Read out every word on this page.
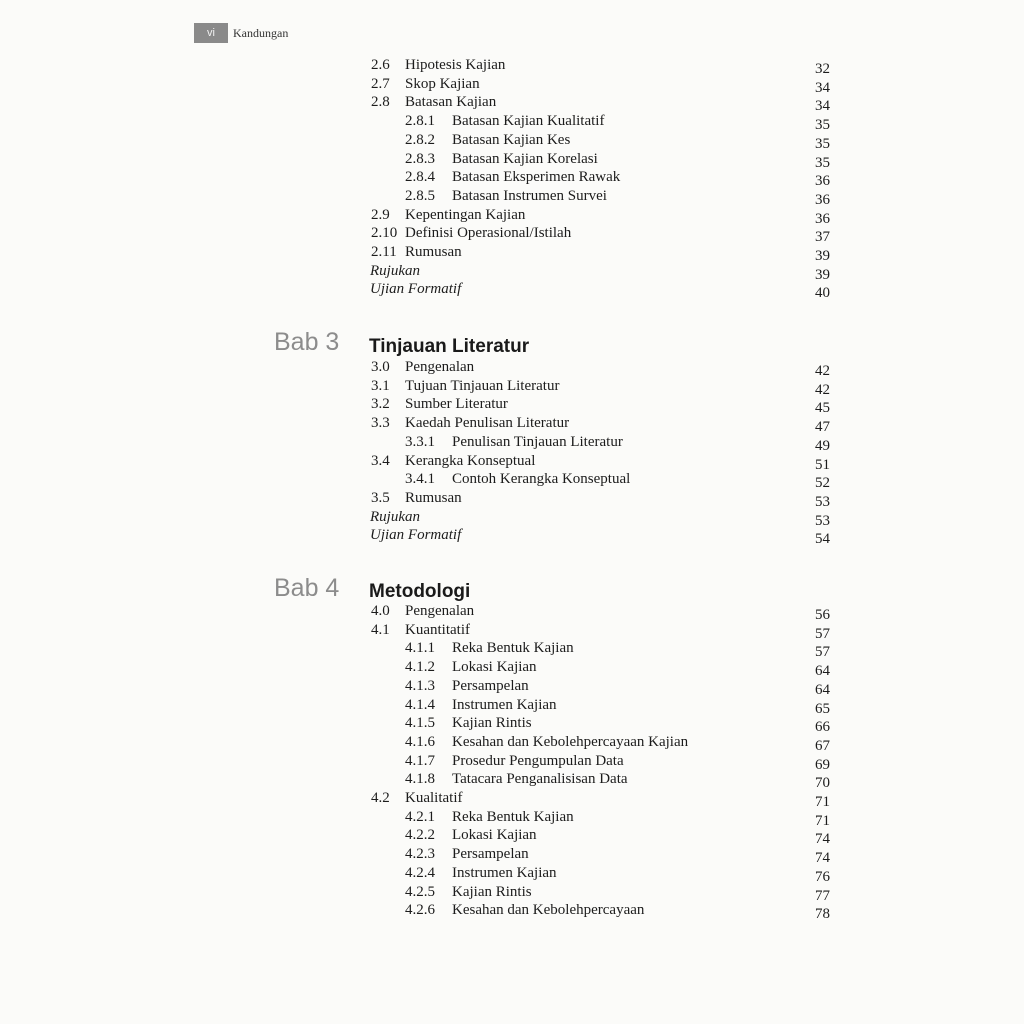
vi	Kandungan
2.6 Hipotesis Kajian	32
2.7 Skop Kajian	34
2.8 Batasan Kajian	34
2.8.1 Batasan Kajian Kualitatif	35
2.8.2 Batasan Kajian Kes	35
2.8.3 Batasan Kajian Korelasi	35
2.8.4 Batasan Eksperimen Rawak	36
2.8.5 Batasan Instrumen Survei	36
2.9 Kepentingan Kajian	36
2.10 Definisi Operasional/Istilah	37
2.11 Rumusan	39
Rujukan	39
Ujian Formatif	40
Bab 3 Tinjauan Literatur
3.0 Pengenalan	42
3.1 Tujuan Tinjauan Literatur	42
3.2 Sumber Literatur	45
3.3 Kaedah Penulisan Literatur	47
3.3.1 Penulisan Tinjauan Literatur	49
3.4 Kerangka Konseptual	51
3.4.1 Contoh Kerangka Konseptual	52
3.5 Rumusan	53
Rujukan	53
Ujian Formatif	54
Bab 4 Metodologi
4.0 Pengenalan	56
4.1 Kuantitatif	57
4.1.1 Reka Bentuk Kajian	57
4.1.2 Lokasi Kajian	64
4.1.3 Persampelan	64
4.1.4 Instrumen Kajian	65
4.1.5 Kajian Rintis	66
4.1.6 Kesahan dan Kebolehpercayaan Kajian	67
4.1.7 Prosedur Pengumpulan Data	69
4.1.8 Tatacara Penganalisisan Data	70
4.2 Kualitatif	71
4.2.1 Reka Bentuk Kajian	71
4.2.2 Lokasi Kajian	74
4.2.3 Persampelan	74
4.2.4 Instrumen Kajian	76
4.2.5 Kajian Rintis	77
4.2.6 Kesahan dan Kebolehpercayaan	78
